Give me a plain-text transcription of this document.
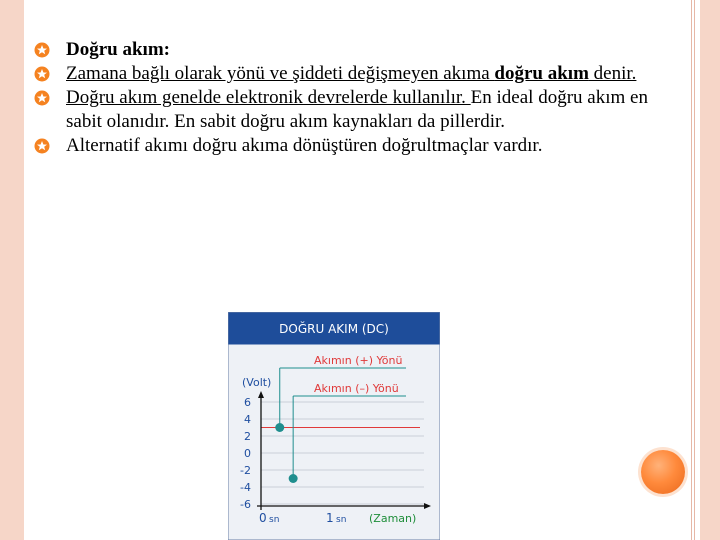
Doğru akım:
Zamana bağlı olarak yönü ve şiddeti değişmeyen akıma doğru akım denir.
Doğru akım genelde elektronik devrelerde kullanılır. En ideal doğru akım en sabit olanıdır. En sabit doğru akım kaynakları da pillerdir.
Alternatif akımı doğru akıma dönüştüren doğrultmaçlar vardır.
DOĞRU AKIM (DC)
6
4
2
0
-2
-4
-6
(Volt)
0 sn	1 sn (Zaman)
Akımın (+) Yönü
Akımın (–) Yönü
